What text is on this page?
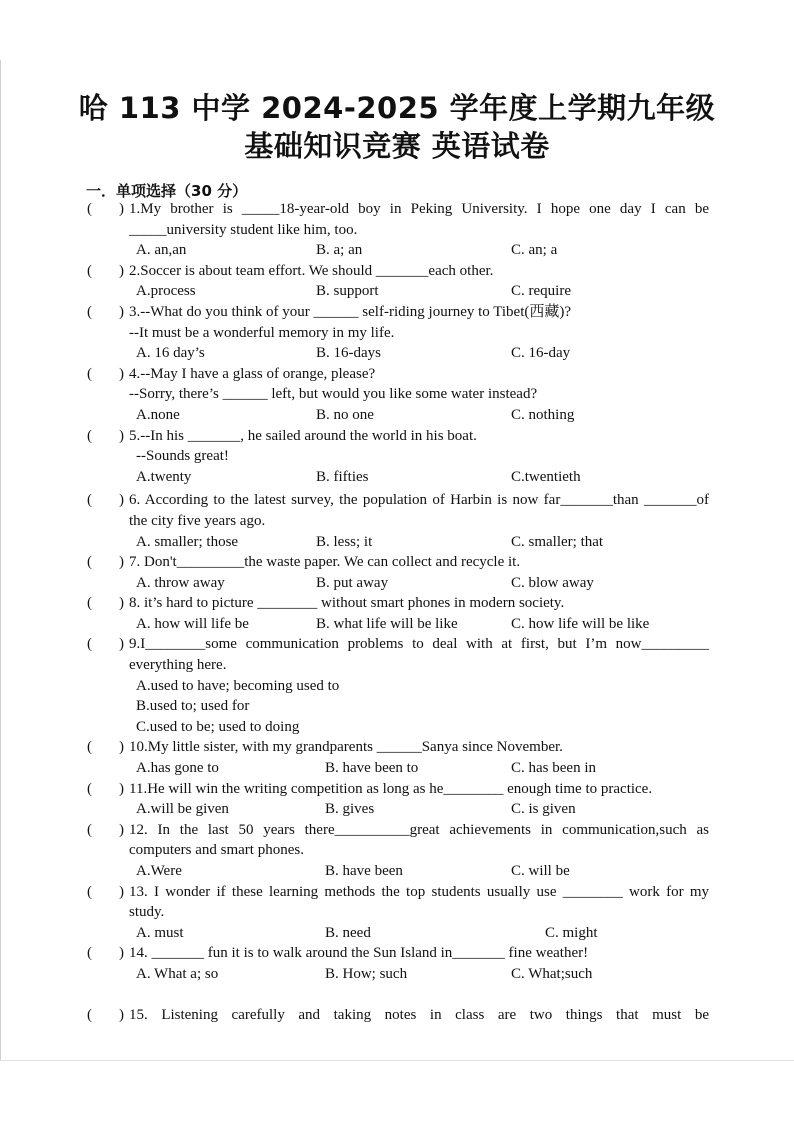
哈 113 中学 2024-2025 学年度上学期九年级
基础知识竞赛 英语试卷
一．单项选择（30 分）
( ) 1.My brother is _____18-year-old boy in Peking University. I hope one day I can be _____university student like him, too.
A. an,an	B. a; an	C. an; a
( ) 2.Soccer is about team effort. We should _______each other.
A.process	B. support	C. require
( ) 3.--What do you think of your ______ self-riding journey to Tibet(西藏)?
--It must be a wonderful memory in my life.
A. 16 day’s	B. 16-days	C. 16-day
( ) 4.--May I have a glass of orange, please?
--Sorry, there’s ______ left, but would you like some water instead?
A.none	B. no one	C. nothing
( ) 5.--In his _______, he sailed around the world in his boat.
--Sounds great!
A.twenty	B. fifties	C.twentieth
( ) 6. According to the latest survey, the population of Harbin is now far_______than _______of the city five years ago.
A. smaller; those	B. less; it	C. smaller; that
( ) 7. Don't_________the waste paper. We can collect and recycle it.
A. throw away	B. put away	C. blow away
( ) 8. it’s hard to picture ________ without smart phones in modern society.
A. how will life be	B. what life will be like	C. how life will be like
( ) 9.I________some communication problems to deal with at first, but I’m now_________ everything here.
A.used to have; becoming used to
B.used to; used for
C.used to be; used to doing
( ) 10.My little sister, with my grandparents ______Sanya since November.
A.has gone to	B. have been to	C. has been in
( ) 11.He will win the writing competition as long as he________ enough time to practice.
A.will be given	B. gives	C. is given
( ) 12. In the last 50 years there__________great achievements in communication,such as computers and smart phones.
A.Were	B. have been	C. will be
( ) 13. I wonder if these learning methods the top students usually use ________ work for my study.
A. must	B. need	C. might
( ) 14. _______ fun it is to walk around the Sun Island in_______ fine weather!
A. What a; so	B. How; such	C. What;such
( ) 15. Listening carefully and taking notes in class are two things that must be
